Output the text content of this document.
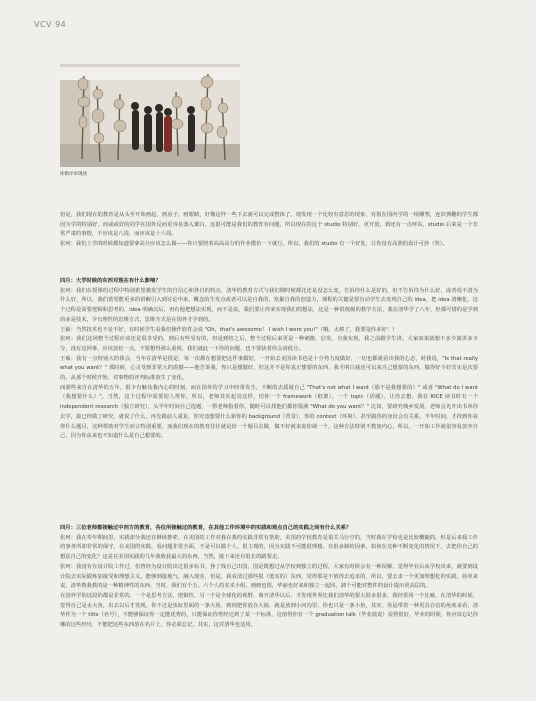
VCV 94
库勒评审现场

但是，我们现在的教育是从头至开始画起，画房子，画眼睛，好像这样一些下去就可以完成整体了，现发现一个比较有意思的现象，有很在国内学的一组雕塑，连滨弹翻的学生都因为学的特别好，而或或好的同学在国外反而更容易落入窠臼，这很可能是我们的教育有问题，所以现在的这个 studio 特别好，更开放，到还有一点呼东，studio 后来是一个非常严肃的事情，不应该是八周，而应该是十六周。

张珂：我们上学的时候都知道要拿高分应该怎么做——你只要照着高高高分的作业模仿一下就行，所以，我们的 studio 有一个好处，让你没有高照的设计可抄（笑）。

四月：大学时候的东西对现在有什么影响？

张珂：我们在授课的过程中特别希望激发学生的自信心和各自的特点，清华的教育方式与我们期时候都比还是没怎么变，告诉你什么是好的，但不告诉你为什么好，或者说不清为什么好，所以，我们希望能更多的讲解引入到讨论中来，概念的生发点或者可以是自我的，发掘自我的创造力，课程的关键是要有动学生去发现自己的 idea，把 idea 清晰化，这个过程是需要逻辑和思考的，idea 明确以后，再有他把想法实现，而不是说，我们要让你来实现我们的想法，这是一种很低级的教学方法，我在清华学了八年，但都可惜的是学到的多是技术，少有理性的思维方式，思维方式是在国外才学到的。

王硕：当然技术也不是不好，有时候学生看我们操作软件会说 "Oh，that's awesome！ I wish I were you!"（哦，太棒了，我要是你多好！）

张珂：我们这场整个过程应该还是很享受的，到后有些受有的，但是到结之后，整个过程后来更是一种刺激、启发、自我实现，我之前跟学生讲，大家如果就想不多少演讲多少分，没有这回事，应该放松一点，不要想得那么重视，我们就此一下你的问题，也不要执着你会请低分。

王硕：我有一点特别大的体会，当年在清华是很是，每一次都在想要把这件事做好，一开始去美国读书也是十分势力度做好，一切也都就看出我的心态，时我说，"Is that really what you want？" 那时候，心灵受到非常大的震撼——他告诉我，你只是想做好，但这并不是你真正想要的东西，我才明白我还可以来自己想要的东西，做得好不好其实是次要的，从那个时候开始，对事物的评判标准放生了变化。

而那些来自在清华的五年，很少有触及我内心的时刻，而在国外的学习中经常发生，不断的去质疑自己 "That's not what I want（那不是我想要的）" 或者 "What do I want（我想要什么）"，当然，这个过程中需要迎人帮你，所以，老师其实起其这样，结你一个 framework（框架），一个 topic（话题），让你去想，我在 RICE 读书时有一个 independent research（独立研究），头半年时间自己选题，一帮老师指着你，随时可以找他们都你报满 "What do you want？" 比如，要研究城乡发展，老师会先开出书单你去学，接已经做了研究，就说了什么，再先跟前人重复，你究竟想要什么新你的 background（背景），你的 context（环境），甚至跟你的身份会有关系，半年时间，才找到你看你什么题目，这种帮助对学生而言特别重要，而我们现在的教育往往就是给一个题目去做，做不好就来说你调一个，这种方法特别不教加内心，所以，一开始工作就很容易放弃自己，因为你从来也不知道什么是自己想要的。

四月：三位老师都接触过中西方的教育，各位所接触过的教育，在其他工作环境中的实践和观点自己的实践之间有什么关系？

张珂：我在奉年期间里，实践却分我还在继续推索，在美国的工作对我在我的实践非常有帮助，美国的学校教育是很关马行空的，当时我在学校也是比较概随的，但是后来我工作的事务所却非常的保守，在美国的实践，看问题非常全面，不是可以做个人、很主观的，因为实践不可能很理想，有很多制约因素，如何在这种不断变化的情况下，去把你自己的想法自己的变化？这是在美国实践的几年我收获最大的东西，当然，接下来还有很长的路要走。

张珂：我没有在设计院工作过，但曾经为设计院出过很多标书，挣了钱自己出国，国是既想过从学校到独立的过程，大家有时候会有一种误解，觉得毕业后从学校出来，就要到设计院去实际锻炼加接受和理想主义，能够到接地气，融入现实，但是，我看清过那些很（低实的）东西，觉得那是不值得去追求的，所以，要去求一个更加理想化的实践，简单来说，清华教我教的是一种精神性的东西，当时，我们有个五、六个人的美术小组，画画也很，华丽也好来和独立一起回，卸个可能对整件的设计提出更高层的。

在国外学的这段的都是非常的，一个是思考方法，逻辑性，另一个是全球化的视野，离开清华以后，才发现世界比我们清华的要大很多很多，我经常用一个比喻，在清华的时候，觉得自己是水大鱼，出去以后才发现，你不过是鱼缸里面的一条大鱼，到到把你放在大海，就是放到小河沟里，你也只是一条小鱼，其实，你是带着一种更具自信的角度来看，清华作为一个 title（名号），不能够保证你一定能优秀的，只能保证你曾经达到了某一个标准，这值得你有一个 graduation talk（毕业演说）说得很好，毕业的时候，你应该忘记你哪的这些经历，不能把这些东西放在名片上，你必须忘记，其实，这对清华也适用。
